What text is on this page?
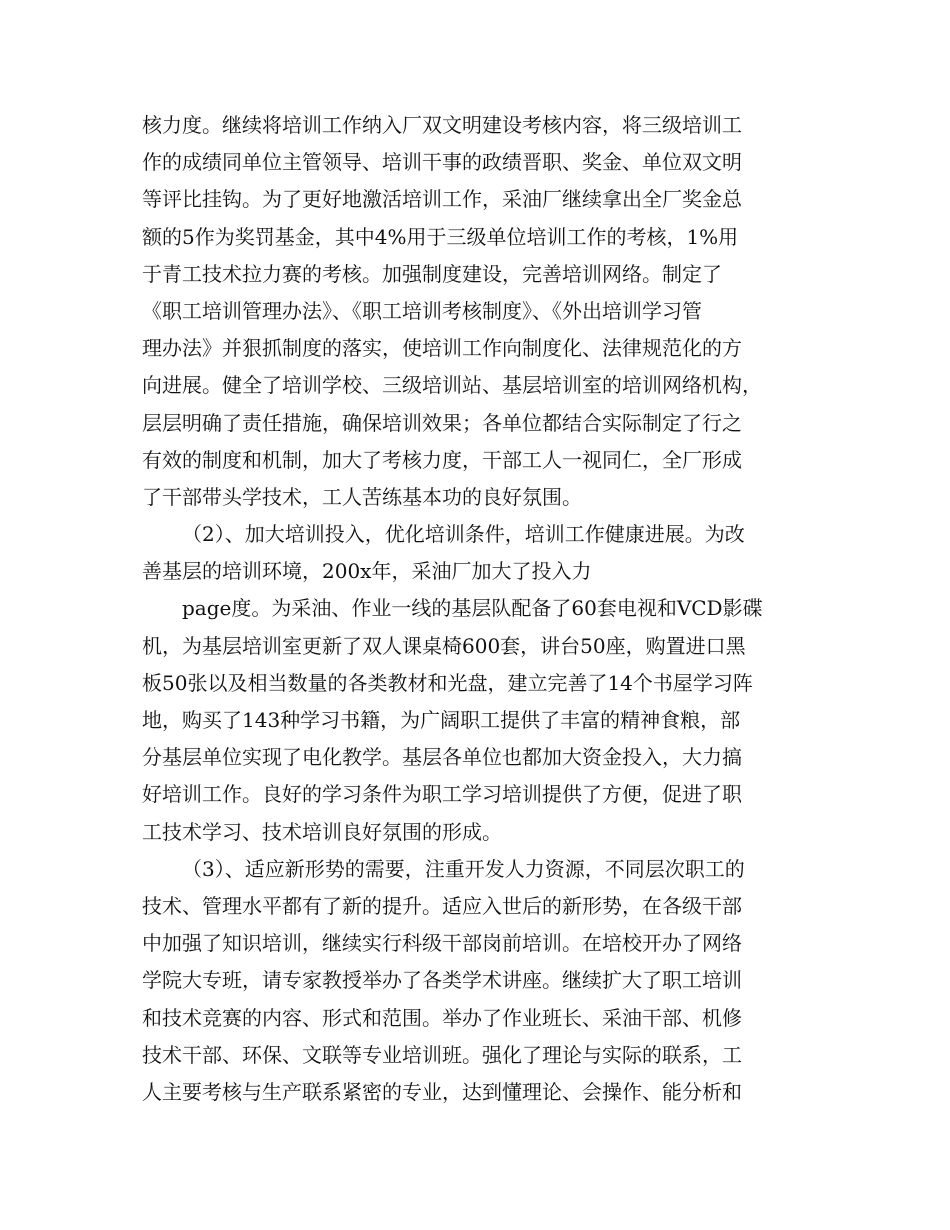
核力度。继续将培训工作纳入厂双文明建设考核内容，将三级培训工
作的成绩同单位主管领导、培训干事的政绩晋职、奖金、单位双文明
等评比挂钩。为了更好地激活培训工作，采油厂继续拿出全厂奖金总
额的5作为奖罚基金，其中4%用于三级单位培训工作的考核，1%用
于青工技术拉力赛的考核。加强制度建设，完善培训网络。制定了
《职工培训管理办法》、《职工培训考核制度》、《外出培训学习管
理办法》并狠抓制度的落实，使培训工作向制度化、法律规范化的方
向进展。健全了培训学校、三级培训站、基层培训室的培训网络机构，
层层明确了责任措施，确保培训效果；各单位都结合实际制定了行之
有效的制度和机制，加大了考核力度，干部工人一视同仁，全厂形成
了干部带头学技术，工人苦练基本功的良好氛围。
（2）、加大培训投入，优化培训条件，培训工作健康进展。为改
善基层的培训环境，200x年，采油厂加大了投入力
page度。为采油、作业一线的基层队配备了60套电视和VCD影碟
机，为基层培训室更新了双人课桌椅600套，讲台50座，购置进口黑
板50张以及相当数量的各类教材和光盘，建立完善了14个书屋学习阵
地，购买了143种学习书籍，为广阔职工提供了丰富的精神食粮，部
分基层单位实现了电化教学。基层各单位也都加大资金投入，大力搞
好培训工作。良好的学习条件为职工学习培训提供了方便，促进了职
工技术学习、技术培训良好氛围的形成。
（3）、适应新形势的需要，注重开发人力资源，不同层次职工的
技术、管理水平都有了新的提升。适应入世后的新形势，在各级干部
中加强了知识培训，继续实行科级干部岗前培训。在培校开办了网络
学院大专班，请专家教授举办了各类学术讲座。继续扩大了职工培训
和技术竞赛的内容、形式和范围。举办了作业班长、采油干部、机修
技术干部、环保、文联等专业培训班。强化了理论与实际的联系，工
人主要考核与生产联系紧密的专业，达到懂理论、会操作、能分析和
